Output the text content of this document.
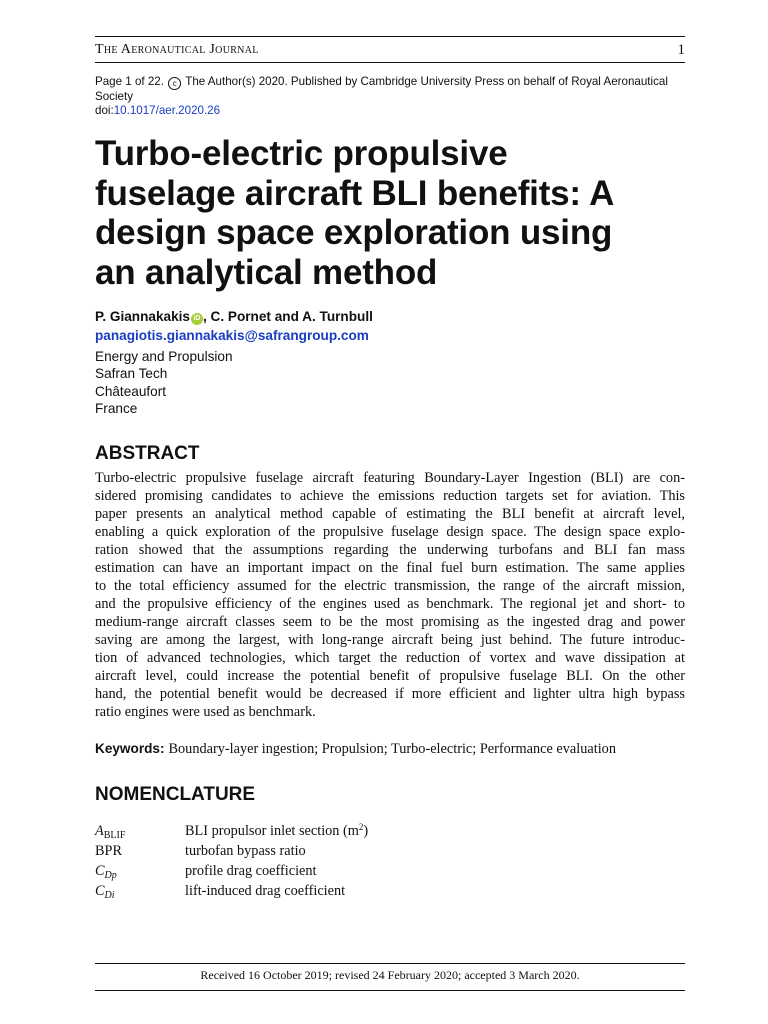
The Aeronautical Journal	1
Page 1 of 22. c The Author(s) 2020. Published by Cambridge University Press on behalf of Royal Aeronautical Society
doi:10.1017/aer.2020.26
Turbo-electric propulsive
fuselage aircraft BLI benefits: A
design space exploration using
an analytical method
P. Giannakakis iD , C. Pornet and A. Turnbull
panagiotis.giannakakis@safrangroup.com
Energy and Propulsion
Safran Tech
Châteaufort
France
ABSTRACT
Turbo-electric propulsive fuselage aircraft featuring Boundary-Layer Ingestion (BLI) are con-
sidered promising candidates to achieve the emissions reduction targets set for aviation. This
paper presents an analytical method capable of estimating the BLI benefit at aircraft level,
enabling a quick exploration of the propulsive fuselage design space. The design space explo-
ration showed that the assumptions regarding the underwing turbofans and BLI fan mass
estimation can have an important impact on the final fuel burn estimation. The same applies
to the total efficiency assumed for the electric transmission, the range of the aircraft mission,
and the propulsive efficiency of the engines used as benchmark. The regional jet and short- to
medium-range aircraft classes seem to be the most promising as the ingested drag and power
saving are among the largest, with long-range aircraft being just behind. The future introduc-
tion of advanced technologies, which target the reduction of vortex and wave dissipation at
aircraft level, could increase the potential benefit of propulsive fuselage BLI. On the other
hand, the potential benefit would be decreased if more efficient and lighter ultra high bypass
ratio engines were used as benchmark.
Keywords: Boundary-layer ingestion; Propulsion; Turbo-electric; Performance evaluation
NOMENCLATURE
$A_{BLIF}$	BLI propulsor inlet section $(m^2)$
BPR	turbofan bypass ratio
$C_{Dp}$	profile drag coefficient
$C_{Di}$	lift-induced drag coefficient
Received 16 October 2019; revised 24 February 2020; accepted 3 March 2020.
